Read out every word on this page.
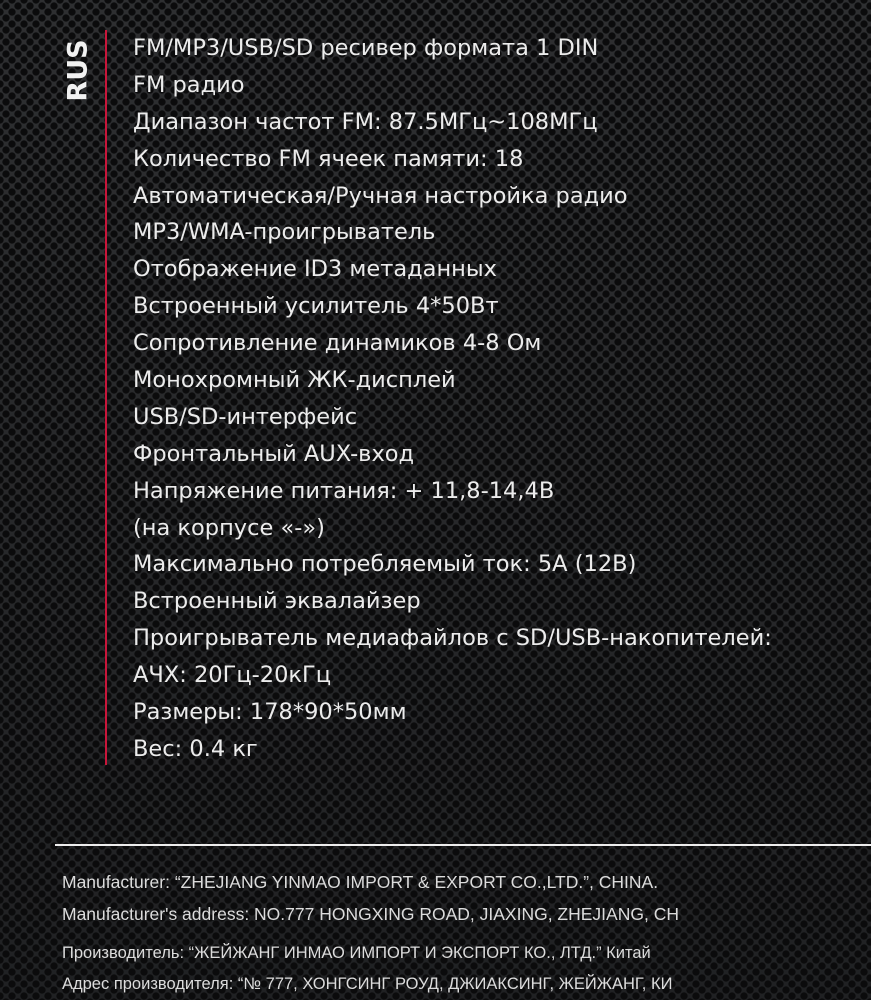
RUS FM/MP3/USB/SD ресивер формата 1 DIN
FM радио
Диапазон частот FM: 87.5МГц~108МГц
Количество FM ячеек памяти: 18
Автоматическая/Ручная настройка радио
MP3/WMA-проигрыватель
Отображение ID3 метаданных
Встроенный усилитель 4*50Вт
Сопротивление динамиков 4-8 Ом
Монохромный ЖК-дисплей
USB/SD-интерфейс
Фронтальный AUX-вход
Напряжение питания: + 11,8-14,4В
(на корпусе «-»)
Максимально потребляемый ток: 5А (12В)
Встроенный эквалайзер
Проигрыватель медиафайлов с SD/USB-накопителей:
АЧХ: 20Гц-20кГц
Размеры: 178*90*50мм
Вес: 0.4 кг
Manufacturer: “ZHEJIANG YINMAO IMPORT & EXPORT CO.,LTD.”, CHINA.
Manufacturer's address: NO.777 HONGXING ROAD, JIAXING, ZHEJIANG, CH
Производитель: “ЖЕЙЖАНГ ИНМАО ИМПОРТ И ЭКСПОРТ КО., ЛТД.” Китай
Адрес производителя: “№ 777, ХОНГСИНГ РОУД, ДЖИАКСИНГ, ЖЕЙЖАНГ, КИ
